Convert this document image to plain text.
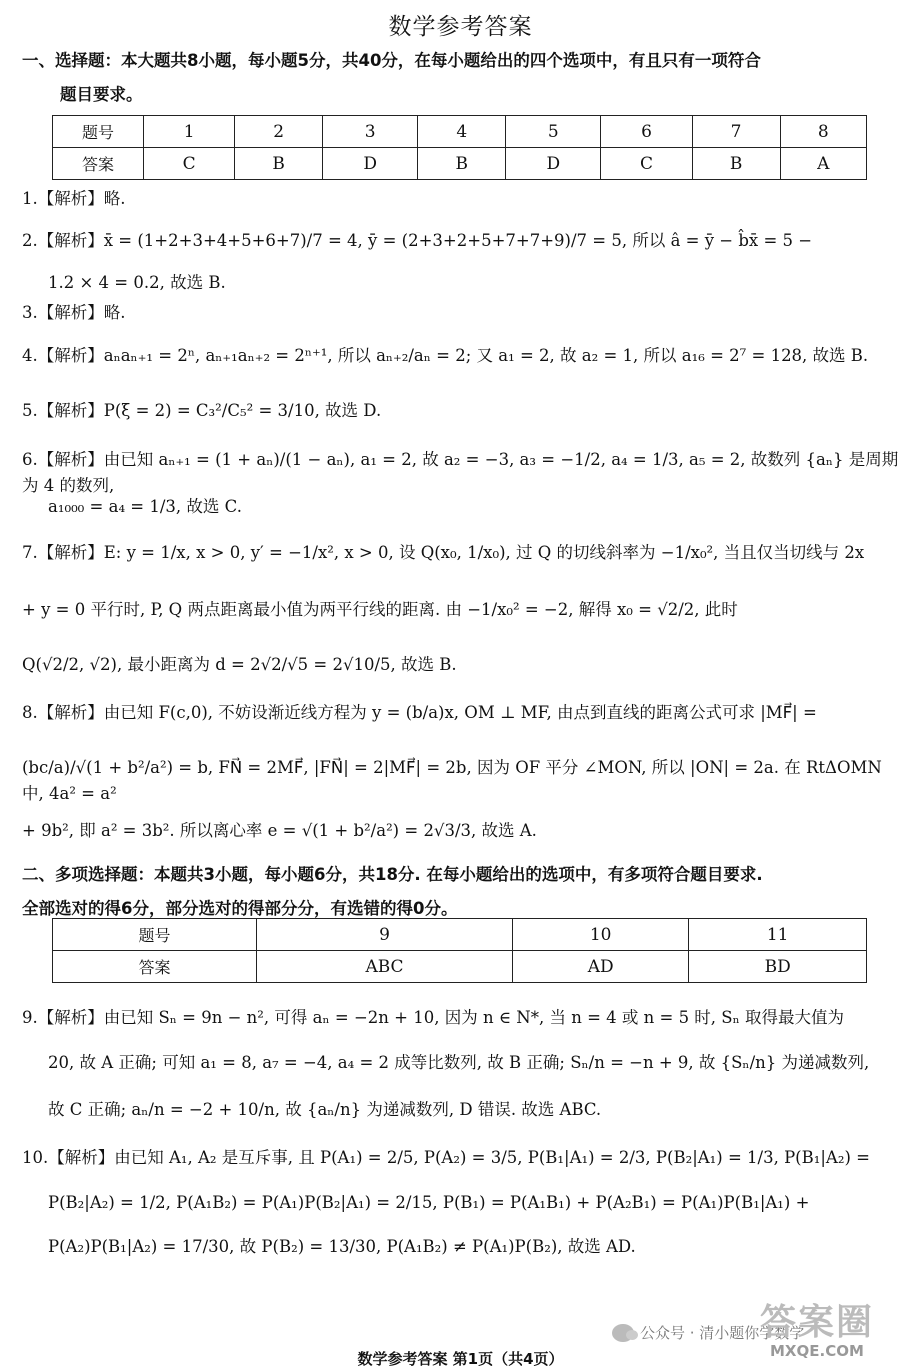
数学参考答案
一、选择题：本大题共8小题，每小题5分，共40分，在每小题给出的四个选项中，有且只有一项符合
题目要求。
题号	1	2	3	4	5	6	7	8
答案	C	B	D	B	D	C	B	A
1.【解析】略.
2.【解析】x̄ = (1+2+3+4+5+6+7)/7 = 4, ȳ = (2+3+2+5+7+7+9)/7 = 5, 所以 â = ȳ − b̂x̄ = 5 −
1.2 × 4 = 0.2, 故选 B.
3.【解析】略.
4.【解析】aₙaₙ₊₁ = 2ⁿ, aₙ₊₁aₙ₊₂ = 2ⁿ⁺¹, 所以 aₙ₊₂/aₙ = 2; 又 a₁ = 2, 故 a₂ = 1, 所以 a₁₆ = 2⁷ = 128, 故选 B.
5.【解析】P(ξ = 2) = C₃²/C₅² = 3/10, 故选 D.
6.【解析】由已知 aₙ₊₁ = (1 + aₙ)/(1 − aₙ), a₁ = 2, 故 a₂ = −3, a₃ = −1/2, a₄ = 1/3, a₅ = 2, 故数列 {aₙ} 是周期为 4 的数列,
a₁₀₀₀ = a₄ = 1/3, 故选 C.
7.【解析】E: y = 1/x, x > 0, y′ = −1/x², x > 0, 设 Q(x₀, 1/x₀), 过 Q 的切线斜率为 −1/x₀², 当且仅当切线与 2x
+ y = 0 平行时, P, Q 两点距离最小值为两平行线的距离. 由 −1/x₀² = −2, 解得 x₀ = √2/2, 此时
Q(√2/2, √2), 最小距离为 d = 2√2/√5 = 2√10/5, 故选 B.
8.【解析】由已知 F(c,0), 不妨设渐近线方程为 y = (b/a)x, OM ⊥ MF, 由点到直线的距离公式可求 |MF⃗| =
(bc/a)/√(1 + b²/a²) = b, FN⃗ = 2MF⃗, |FN⃗| = 2|MF⃗| = 2b, 因为 OF 平分 ∠MON, 所以 |ON| = 2a. 在 RtΔOMN 中, 4a² = a²
+ 9b², 即 a² = 3b². 所以离心率 e = √(1 + b²/a²) = 2√3/3, 故选 A.
二、多项选择题：本题共3小题，每小题6分，共18分. 在每小题给出的选项中，有多项符合题目要求.
全部选对的得6分，部分选对的得部分分，有选错的得0分。
题号	9	10	11
答案	ABC	AD	BD
9.【解析】由已知 Sₙ = 9n − n², 可得 aₙ = −2n + 10, 因为 n ∈ N*, 当 n = 4 或 n = 5 时, Sₙ 取得最大值为
20, 故 A 正确; 可知 a₁ = 8, a₇ = −4, a₄ = 2 成等比数列, 故 B 正确; Sₙ/n = −n + 9, 故 {Sₙ/n} 为递减数列,
故 C 正确; aₙ/n = −2 + 10/n, 故 {aₙ/n} 为递减数列, D 错误. 故选 ABC.
10.【解析】由已知 A₁, A₂ 是互斥事, 且 P(A₁) = 2/5, P(A₂) = 3/5, P(B₁|A₁) = 2/3, P(B₂|A₁) = 1/3, P(B₁|A₂) =
P(B₂|A₂) = 1/2, P(A₁B₂) = P(A₁)P(B₂|A₁) = 2/15, P(B₁) = P(A₁B₁) + P(A₂B₁) = P(A₁)P(B₁|A₁) +
P(A₂)P(B₁|A₂) = 17/30, 故 P(B₂) = 13/30, P(A₁B₂) ≠ P(A₁)P(B₂), 故选 AD.
公众号 · 清小题你学数学
答案圈
MXQE.COM
数学参考答案 第1页（共4页）
